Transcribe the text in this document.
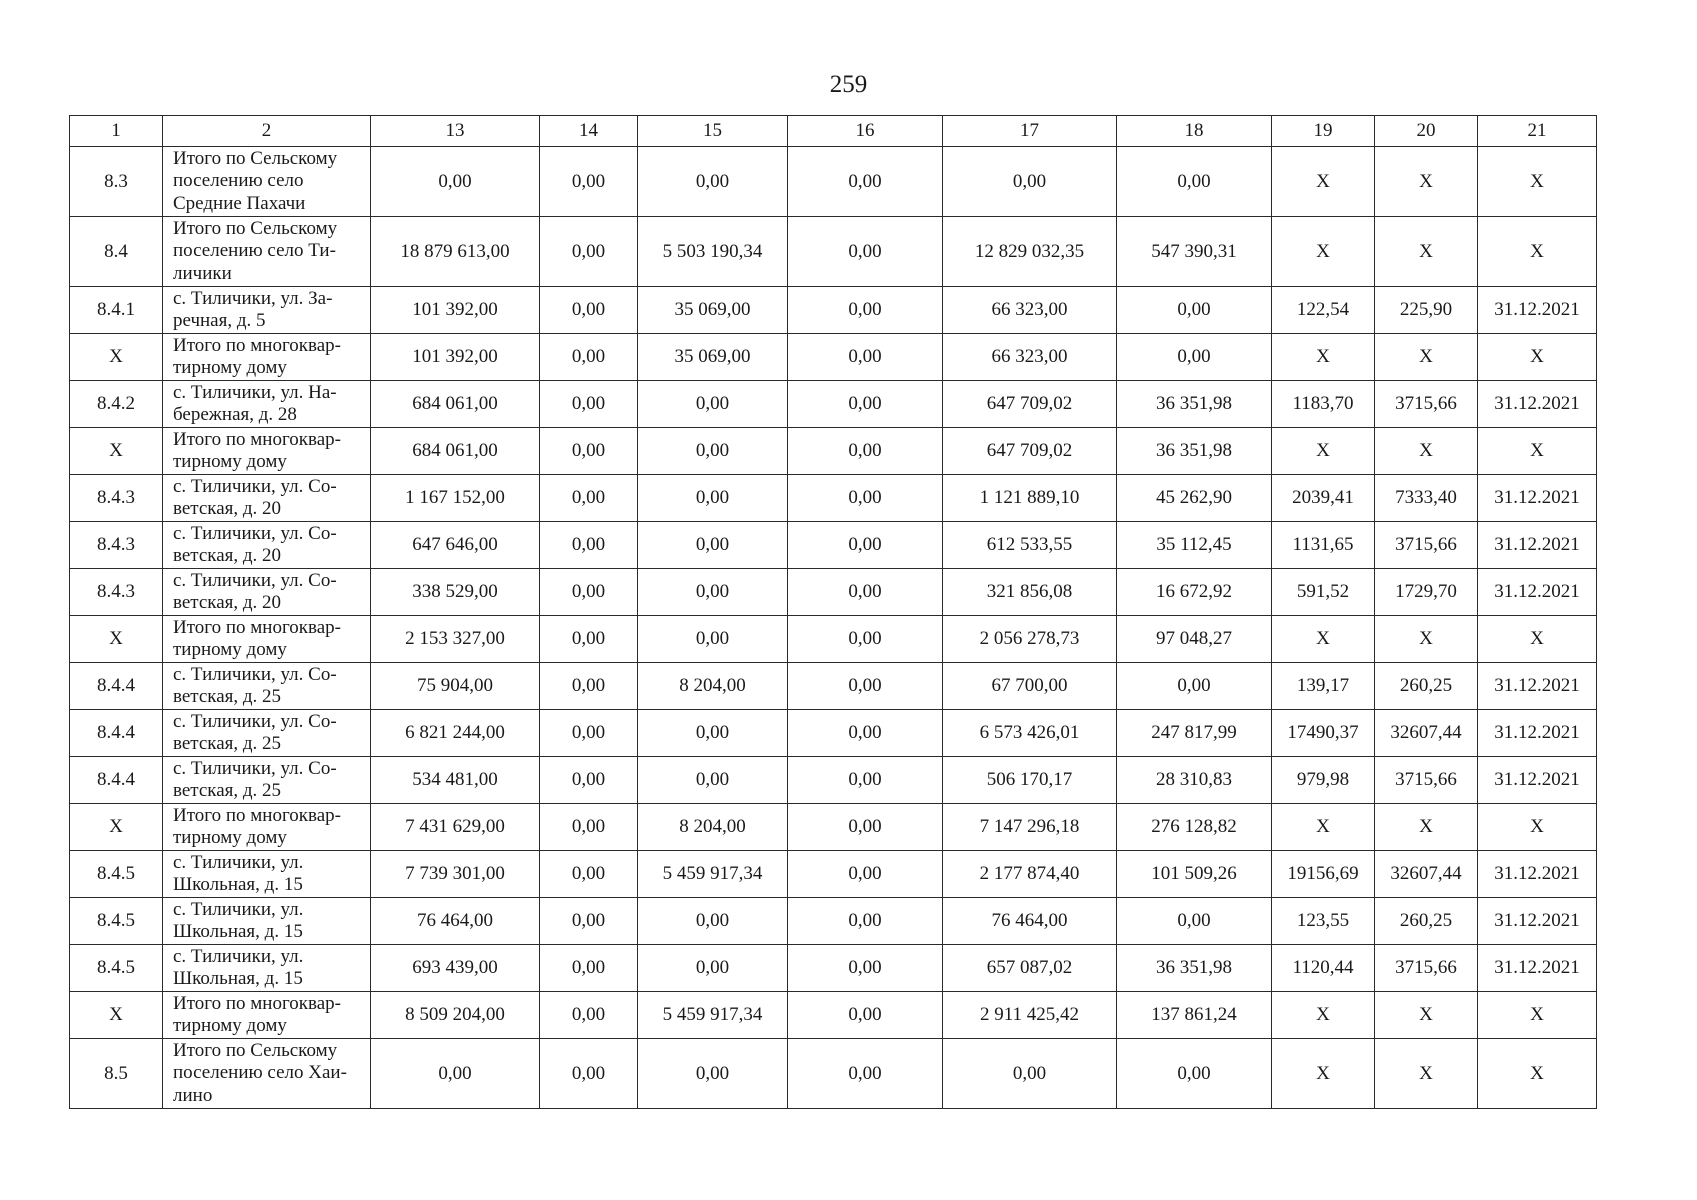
259
1	2	13	14	15	16	17	18	19	20	21
8.3	Итого по Сельскому поселению село Средние Пахачи	0,00	0,00	0,00	0,00	0,00	0,00	X	X	X
8.4	Итого по Сельскому поселению село Ти-личики	18 879 613,00	0,00	5 503 190,34	0,00	12 829 032,35	547 390,31	X	X	X
8.4.1	с. Тиличики, ул. За-речная, д. 5	101 392,00	0,00	35 069,00	0,00	66 323,00	0,00	122,54	225,90	31.12.2021
X	Итого по многоквар-тирному дому	101 392,00	0,00	35 069,00	0,00	66 323,00	0,00	X	X	X
8.4.2	с. Тиличики, ул. На-бережная, д. 28	684 061,00	0,00	0,00	0,00	647 709,02	36 351,98	1183,70	3715,66	31.12.2021
X	Итого по многоквар-тирному дому	684 061,00	0,00	0,00	0,00	647 709,02	36 351,98	X	X	X
8.4.3	с. Тиличики, ул. Со-ветская, д. 20	1 167 152,00	0,00	0,00	0,00	1 121 889,10	45 262,90	2039,41	7333,40	31.12.2021
8.4.3	с. Тиличики, ул. Со-ветская, д. 20	647 646,00	0,00	0,00	0,00	612 533,55	35 112,45	1131,65	3715,66	31.12.2021
8.4.3	с. Тиличики, ул. Со-ветская, д. 20	338 529,00	0,00	0,00	0,00	321 856,08	16 672,92	591,52	1729,70	31.12.2021
X	Итого по многоквар-тирному дому	2 153 327,00	0,00	0,00	0,00	2 056 278,73	97 048,27	X	X	X
8.4.4	с. Тиличики, ул. Со-ветская, д. 25	75 904,00	0,00	8 204,00	0,00	67 700,00	0,00	139,17	260,25	31.12.2021
8.4.4	с. Тиличики, ул. Со-ветская, д. 25	6 821 244,00	0,00	0,00	0,00	6 573 426,01	247 817,99	17490,37	32607,44	31.12.2021
8.4.4	с. Тиличики, ул. Со-ветская, д. 25	534 481,00	0,00	0,00	0,00	506 170,17	28 310,83	979,98	3715,66	31.12.2021
X	Итого по многоквар-тирному дому	7 431 629,00	0,00	8 204,00	0,00	7 147 296,18	276 128,82	X	X	X
8.4.5	с. Тиличики, ул. Школьная, д. 15	7 739 301,00	0,00	5 459 917,34	0,00	2 177 874,40	101 509,26	19156,69	32607,44	31.12.2021
8.4.5	с. Тиличики, ул. Школьная, д. 15	76 464,00	0,00	0,00	0,00	76 464,00	0,00	123,55	260,25	31.12.2021
8.4.5	с. Тиличики, ул. Школьная, д. 15	693 439,00	0,00	0,00	0,00	657 087,02	36 351,98	1120,44	3715,66	31.12.2021
X	Итого по многоквар-тирному дому	8 509 204,00	0,00	5 459 917,34	0,00	2 911 425,42	137 861,24	X	X	X
8.5	Итого по Сельскому поселению село Хаи-лино	0,00	0,00	0,00	0,00	0,00	0,00	X	X	X
